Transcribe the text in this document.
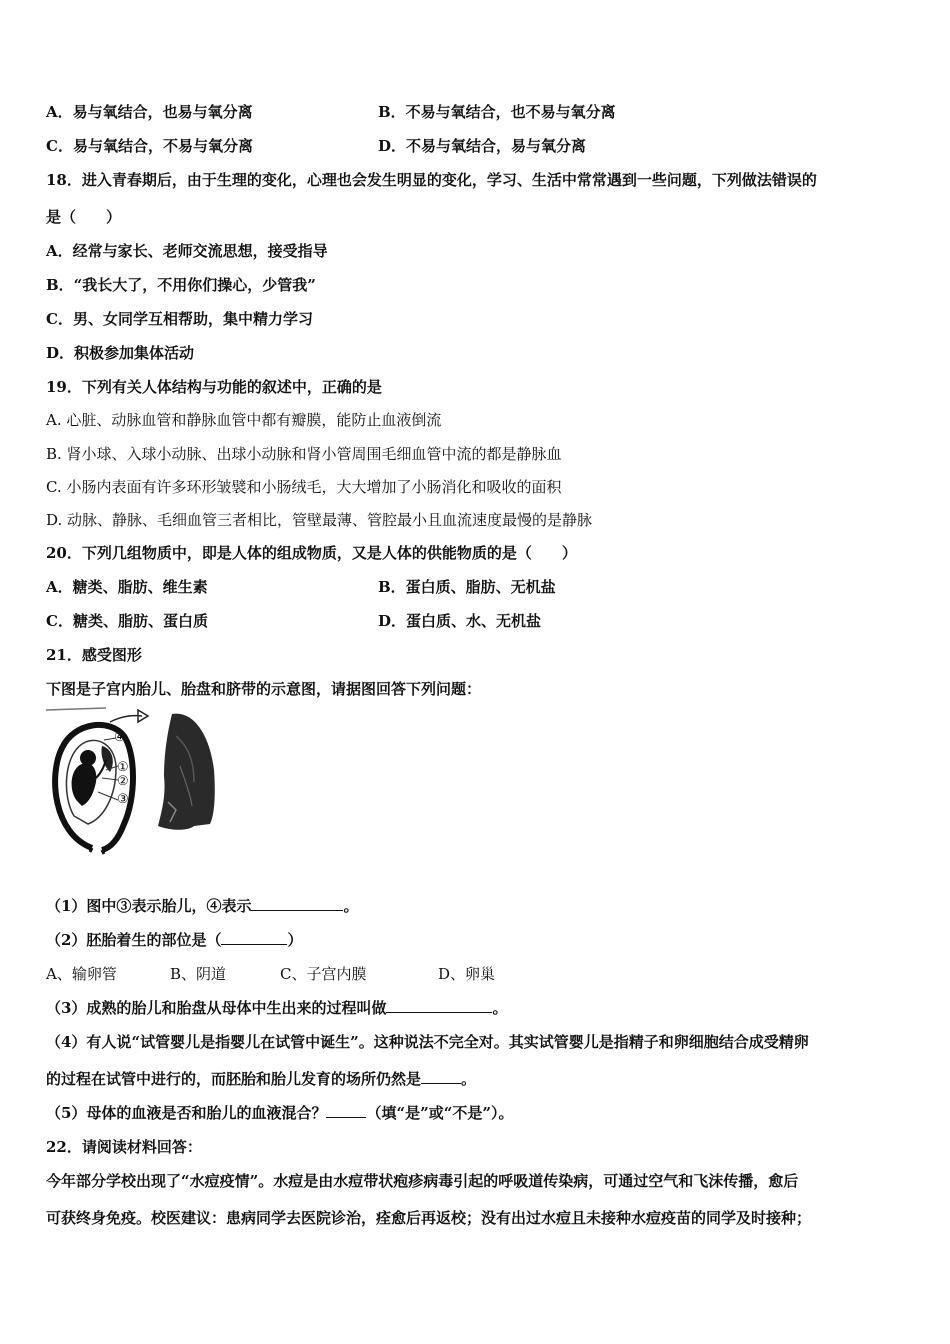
A．易与氧结合，也易与氧分离	B．不易与氧结合，也不易与氧分离
C．易与氧结合，不易与氧分离	D．不易与氧结合，易与氧分离
18．进入青春期后，由于生理的变化，心理也会发生明显的变化，学习、生活中常常遇到一些问题，下列做法错误的
是（　　）
A．经常与家长、老师交流思想，接受指导
B．“我长大了，不用你们操心，少管我”
C．男、女同学互相帮助，集中精力学习
D．积极参加集体活动
19．下列有关人体结构与功能的叙述中，正确的是
A. 心脏、动脉血管和静脉血管中都有瓣膜，能防止血液倒流
B. 肾小球、入球小动脉、出球小动脉和肾小管周围毛细血管中流的都是静脉血
C. 小肠内表面有许多环形皱襞和小肠绒毛，大大增加了小肠消化和吸收的面积
D. 动脉、静脉、毛细血管三者相比，管壁最薄、管腔最小且血流速度最慢的是静脉
20．下列几组物质中，即是人体的组成物质，又是人体的供能物质的是（　　）
A．糖类、脂肪、维生素	B．蛋白质、脂肪、无机盐
C．糖类、脂肪、蛋白质	D．蛋白质、水、无机盐
21．感受图形
下图是子宫内胎儿、胎盘和脐带的示意图，请据图回答下列问题：
④
①
②
③
（1）图中③表示胎儿，④表示	。
（2）胚胎着生的部位是（	）
A、输卵管	B、阴道	C、子宫内膜	D、卵巢
（3）成熟的胎儿和胎盘从母体中生出来的过程叫做	。
（4）有人说“试管婴儿是指婴儿在试管中诞生”。这种说法不完全对。其实试管婴儿是指精子和卵细胞结合成受精卵
的过程在试管中进行的，而胚胎和胎儿发育的场所仍然是	。
（5）母体的血液是否和胎儿的血液混合？	（填“是”或“不是”）。
22．请阅读材料回答：
今年部分学校出现了“水痘疫情”。水痘是由水痘带状疱疹病毒引起的呼吸道传染病，可通过空气和飞沫传播，愈后
可获终身免疫。校医建议：患病同学去医院诊治，痊愈后再返校；没有出过水痘且未接种水痘疫苗的同学及时接种；
